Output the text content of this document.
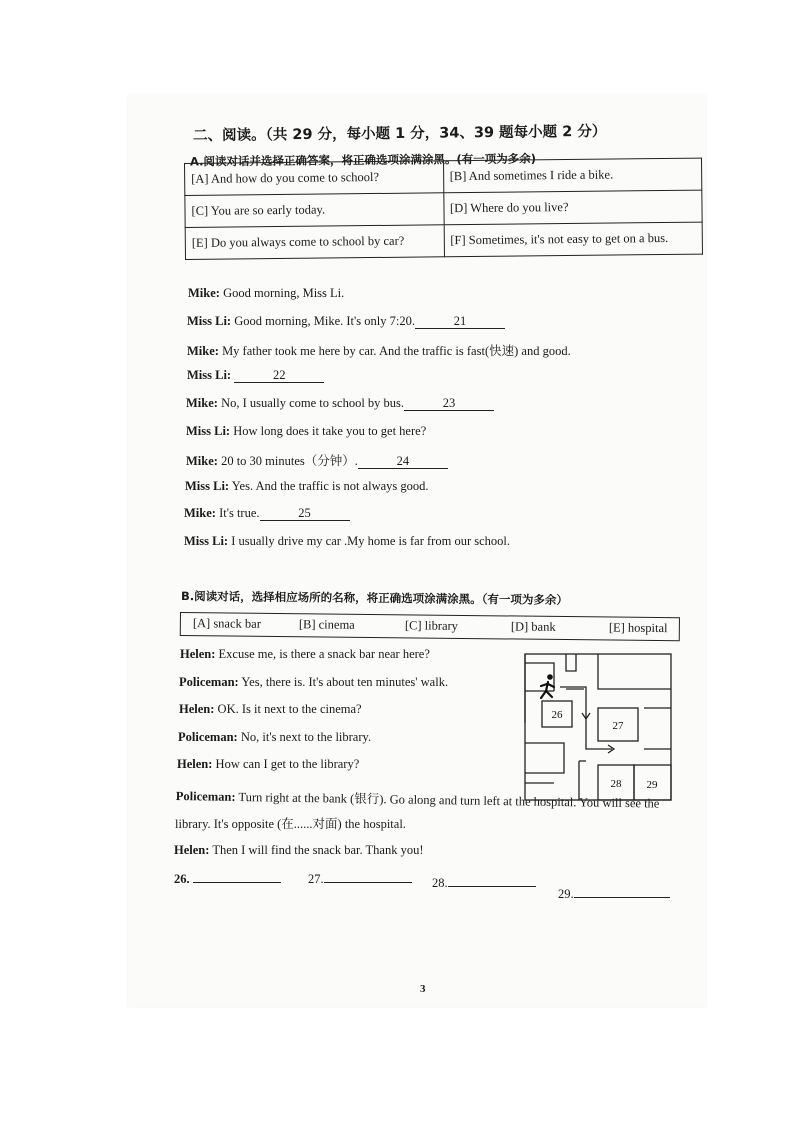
二、阅读。（共 29 分，每小题 1 分，34、39 题每小题 2 分）
A.阅读对话并选择正确答案，将正确选项涂满涂黑。(有一项为多余)
[A] And how do you come to school?	[B] And sometimes I ride a bike.
[C] You are so early today.	[D] Where do you live?
[E] Do you always come to school by car?	[F] Sometimes, it's not easy to get on a bus.
Mike: Good morning, Miss Li.
Miss Li: Good morning, Mike. It's only 7:20.	21
Mike: My father took me here by car. And the traffic is fast(快速) and good.
Miss Li:	22
Mike: No, I usually come to school by bus.	23
Miss Li: How long does it take you to get here?
Mike: 20 to 30 minutes（分钟）.	24
Miss Li: Yes. And the traffic is not always good.
Mike: It's true.	25
Miss Li: I usually drive my car .My home is far from our school.
B.阅读对话，选择相应场所的名称，将正确选项涂满涂黑。（有一项为多余）
[A] snack bar	[B] cinema	[C] library	[D] bank	[E] hospital
Helen: Excuse me, is there a snack bar near here?
Policeman: Yes, there is. It's about ten minutes' walk.
Helen: OK. Is it next to the cinema?
Policeman: No, it's next to the library.
Helen: How can I get to the library?
Policeman: Turn right at the bank (银行). Go along and turn left at the hospital. You will see the
library. It's opposite (在......对面) the hospital.
Helen: Then I will find the snack bar. Thank you!
26
27
28 29
26.	27.	28.
29.
3
